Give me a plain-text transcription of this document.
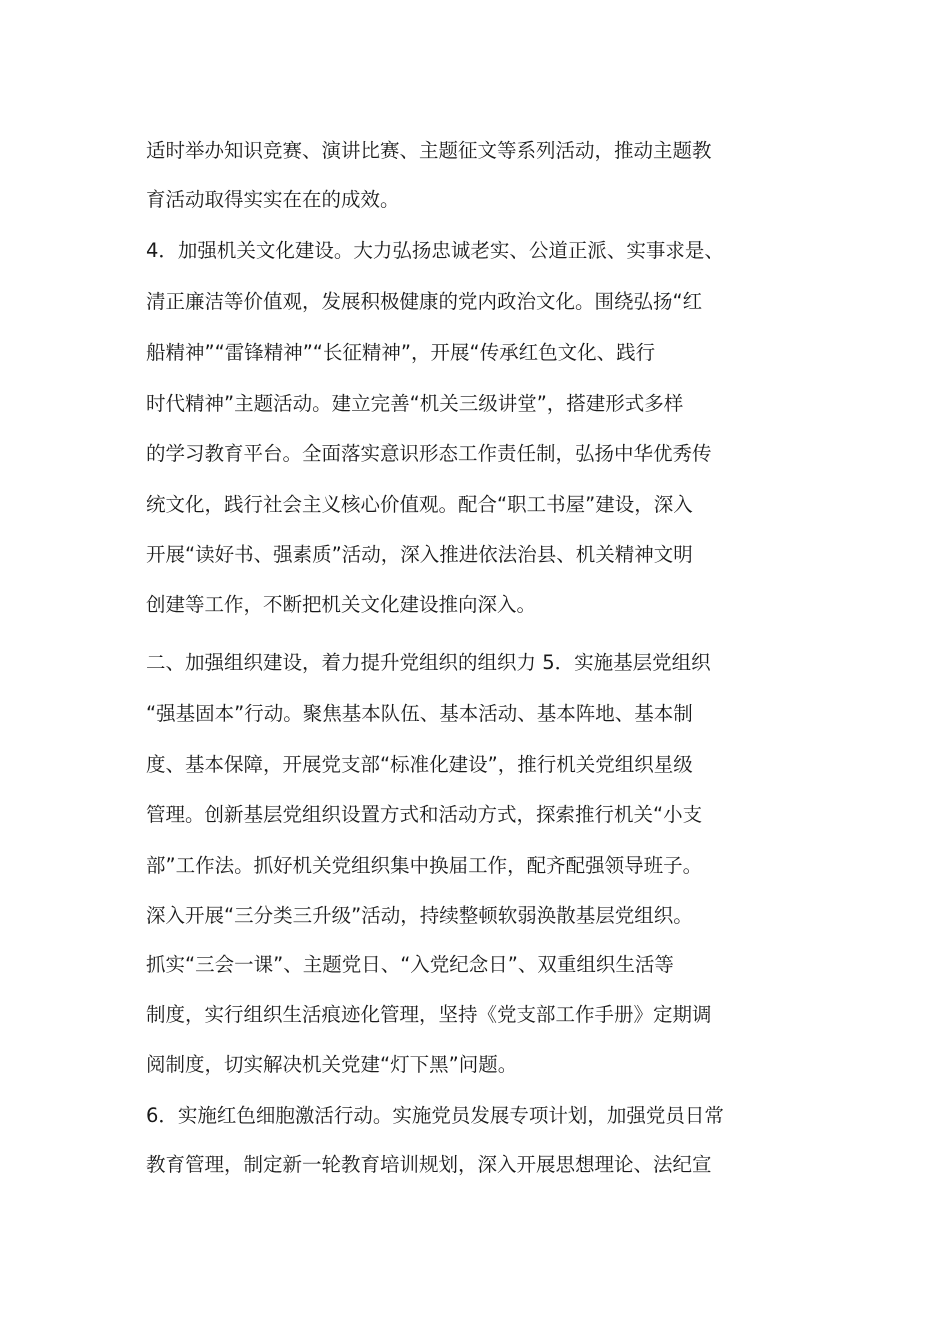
适时举办知识竞赛、演讲比赛、主题征文等系列活动，推动主题教
育活动取得实实在在的成效。
4．加强机关文化建设。大力弘扬忠诚老实、公道正派、实事求是、
清正廉洁等价值观，发展积极健康的党内政治文化。围绕弘扬“红
船精神”“雷锋精神”“长征精神”，开展“传承红色文化、践行
时代精神”主题活动。建立完善“机关三级讲堂”，搭建形式多样
的学习教育平台。全面落实意识形态工作责任制，弘扬中华优秀传
统文化，践行社会主义核心价值观。配合“职工书屋”建设，深入
开展“读好书、强素质”活动，深入推进依法治县、机关精神文明
创建等工作，不断把机关文化建设推向深入。
二、加强组织建设，着力提升党组织的组织力 5．实施基层党组织
“强基固本”行动。聚焦基本队伍、基本活动、基本阵地、基本制
度、基本保障，开展党支部“标准化建设”，推行机关党组织星级
管理。创新基层党组织设置方式和活动方式，探索推行机关“小支
部”工作法。抓好机关党组织集中换届工作，配齐配强领导班子。
深入开展“三分类三升级”活动，持续整顿软弱涣散基层党组织。
抓实“三会一课”、主题党日、“入党纪念日”、双重组织生活等
制度，实行组织生活痕迹化管理，坚持《党支部工作手册》定期调
阅制度，切实解决机关党建“灯下黑”问题。
6．实施红色细胞激活行动。实施党员发展专项计划，加强党员日常
教育管理，制定新一轮教育培训规划，深入开展思想理论、法纪宣
